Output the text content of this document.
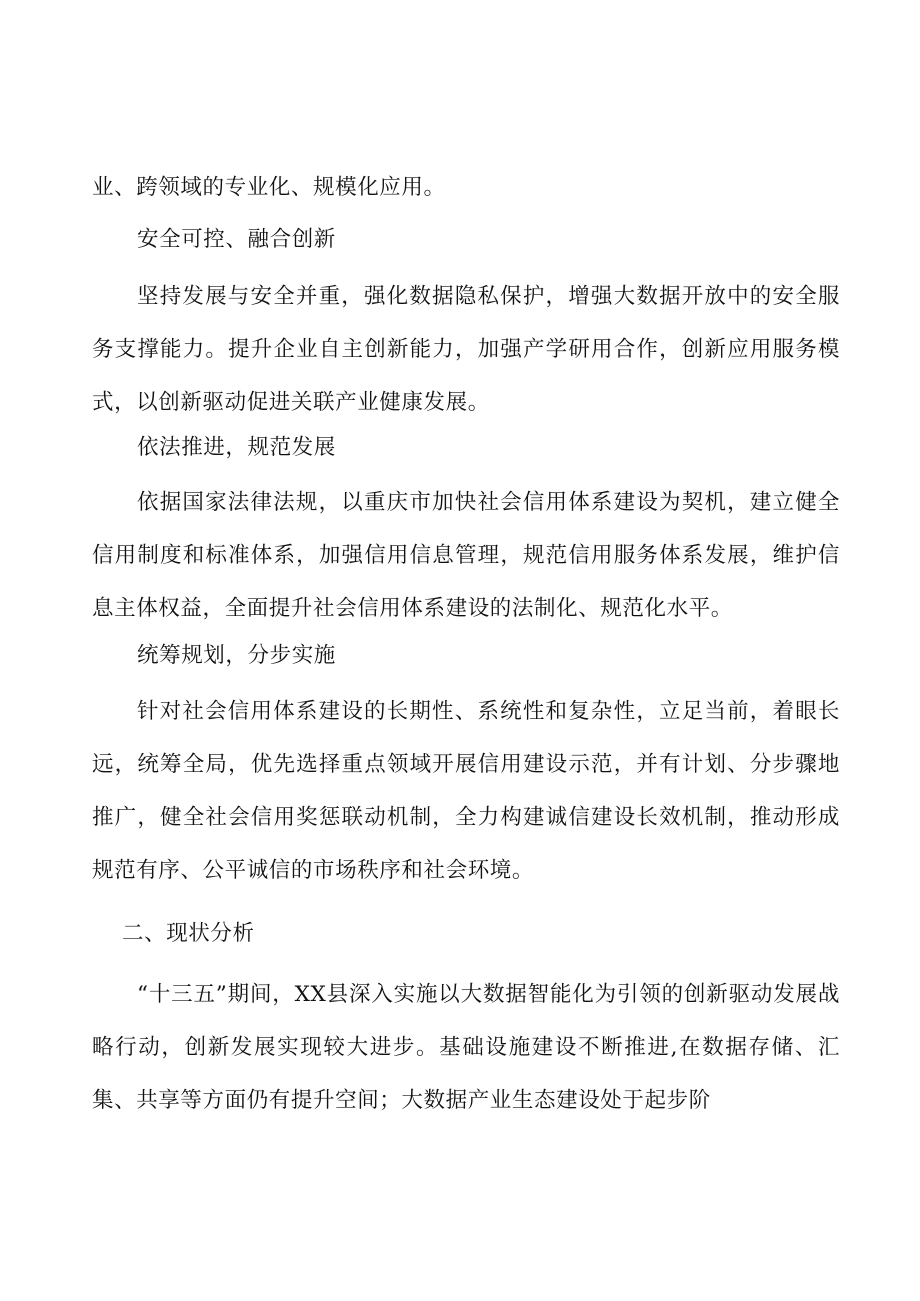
业、跨领域的专业化、规模化应用。
安全可控、融合创新
坚持发展与安全并重，强化数据隐私保护，增强大数据开放中的安全服务支撑能力。提升企业自主创新能力，加强产学研用合作，创新应用服务模式，以创新驱动促进关联产业健康发展。
依法推进，规范发展
依据国家法律法规，以重庆市加快社会信用体系建设为契机，建立健全信用制度和标准体系，加强信用信息管理，规范信用服务体系发展，维护信息主体权益，全面提升社会信用体系建设的法制化、规范化水平。
统筹规划，分步实施
针对社会信用体系建设的长期性、系统性和复杂性，立足当前，着眼长远，统筹全局，优先选择重点领域开展信用建设示范，并有计划、分步骤地推广，健全社会信用奖惩联动机制，全力构建诚信建设长效机制，推动形成规范有序、公平诚信的市场秩序和社会环境。
二、现状分析
“十三五”期间，XX县深入实施以大数据智能化为引领的创新驱动发展战略行动，创新发展实现较大进步。基础设施建设不断推进,在数据存储、汇集、共享等方面仍有提升空间；大数据产业生态建设处于起步阶
